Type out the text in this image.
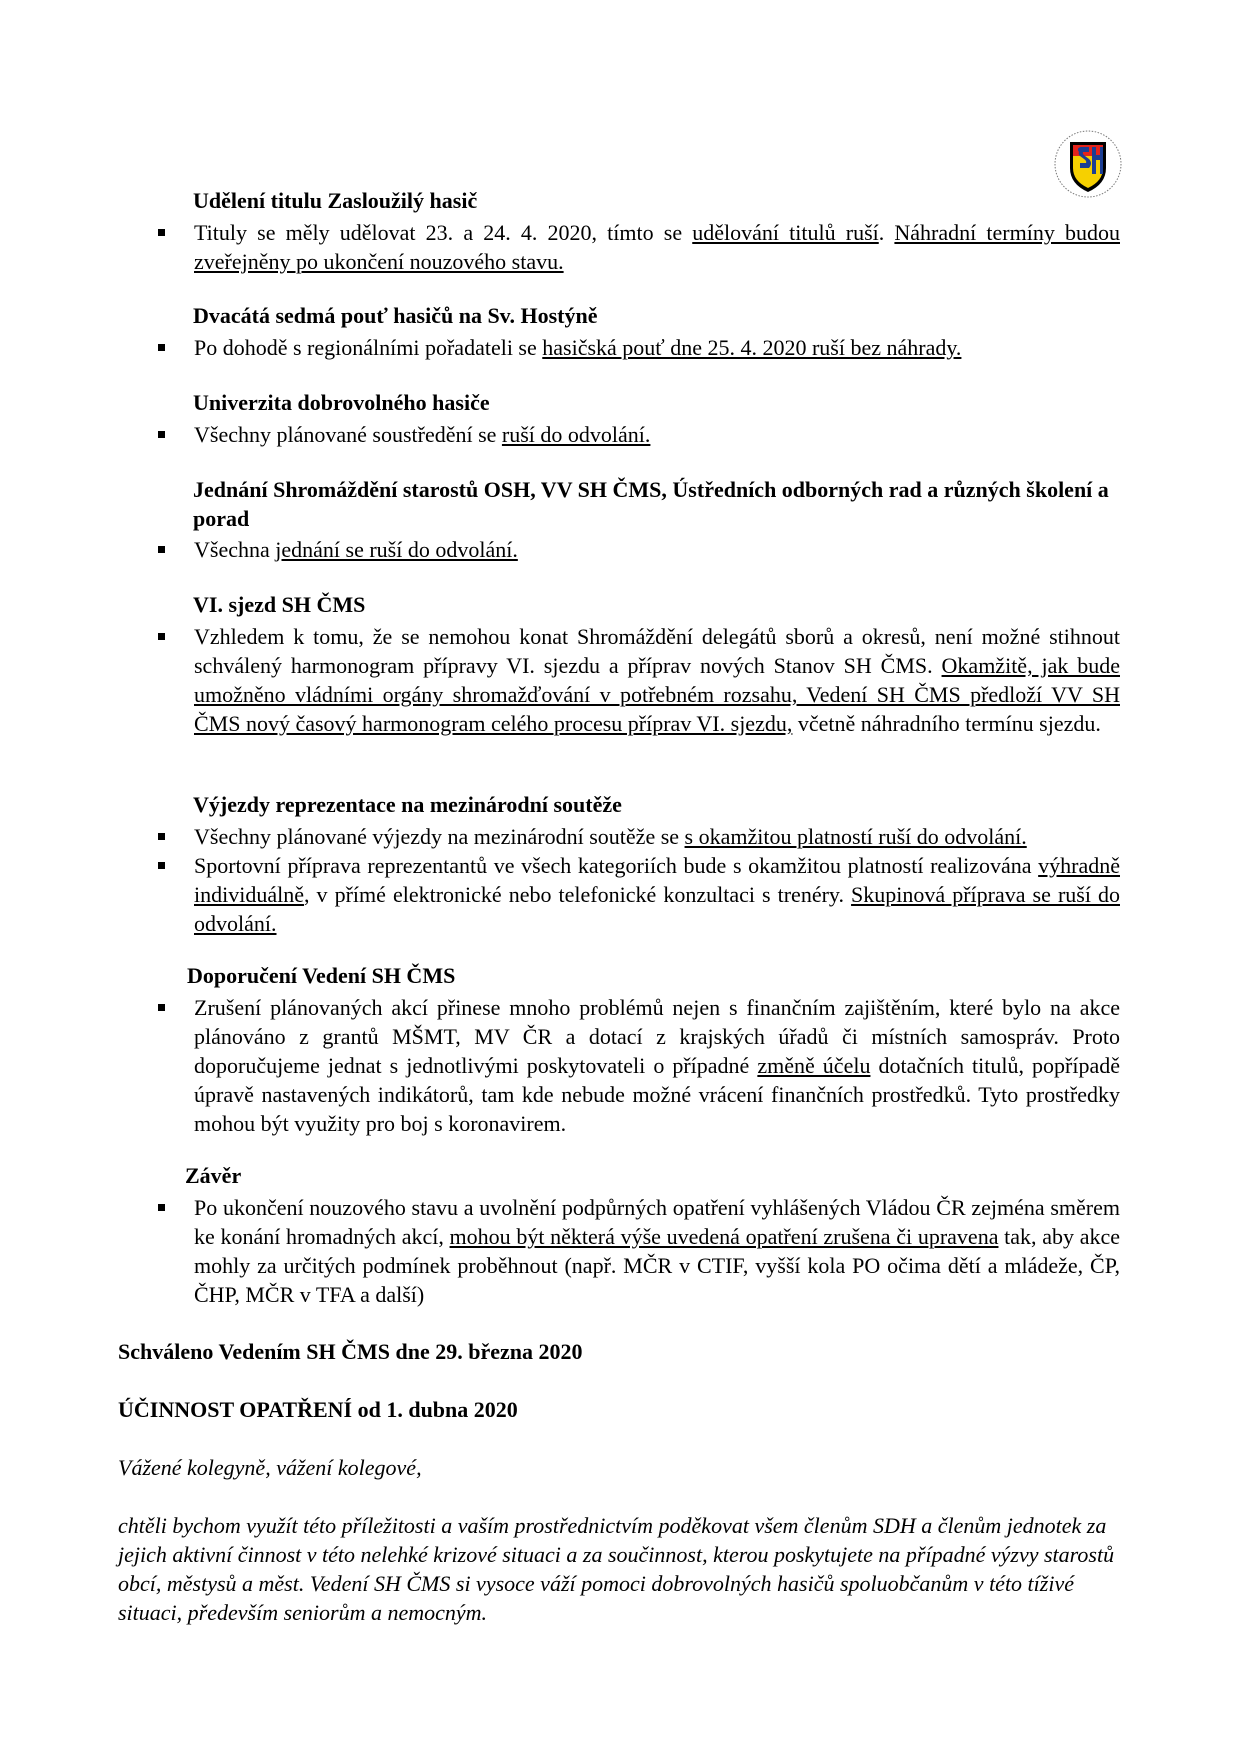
Udělení titulu Zasloužilý hasič
Dvacátá sedmá pouť hasičů na Sv. Hostýně
Univerzita dobrovolného hasiče
Jednání Shromáždění starostů OSH, VV SH ČMS, Ústředních odborných rad a různých školení a porad
VI. sjezd SH ČMS
Výjezdy reprezentace na mezinárodní soutěže
Doporučení Vedení SH ČMS
Závěr
Tituly se měly udělovat 23. a 24. 4. 2020, tímto se udělování titulů ruší. Náhradní termíny budou zveřejněny po ukončení nouzového stavu.
Po dohodě s regionálními pořadateli se hasičská pouť dne 25. 4. 2020 ruší bez náhrady.
Všechny plánované soustředění se ruší do odvolání.
Všechna jednání se ruší do odvolání.
Vzhledem k tomu, že se nemohou konat Shromáždění delegátů sborů a okresů, není možné stihnout schválený harmonogram přípravy VI. sjezdu a příprav nových Stanov SH ČMS. Okamžitě, jak bude umožněno vládními orgány shromažďování v potřebném rozsahu, Vedení SH ČMS předloží VV SH ČMS nový časový harmonogram celého procesu příprav VI. sjezdu, včetně náhradního termínu sjezdu.
Všechny plánované výjezdy na mezinárodní soutěže se s okamžitou platností ruší do odvolání.
Sportovní příprava reprezentantů ve všech kategoriích bude s okamžitou platností realizována výhradně individuálně, v přímé elektronické nebo telefonické konzultaci s trenéry. Skupinová příprava se ruší do odvolání.
Zrušení plánovaných akcí přinese mnoho problémů nejen s finančním zajištěním, které bylo na akce plánováno z grantů MŠMT, MV ČR a dotací z krajských úřadů či místních samospráv. Proto doporučujeme jednat s jednotlivými poskytovateli o případné změně účelu dotačních titulů, popřípadě úpravě nastavených indikátorů, tam kde nebude možné vrácení finančních prostředků. Tyto prostředky mohou být využity pro boj s koronavirem.
Po ukončení nouzového stavu a uvolnění podpůrných opatření vyhlášených Vládou ČR zejména směrem ke konání hromadných akcí, mohou být některá výše uvedená opatření zrušena či upravena tak, aby akce mohly za určitých podmínek proběhnout (např. MČR v CTIF, vyšší kola PO očima dětí a mládeže, ČP, ČHP, MČR v TFA a další)
Schváleno Vedením SH ČMS dne 29. března 2020
ÚČINNOST OPATŘENÍ od 1. dubna 2020
Vážené kolegyně, vážení kolegové,
chtěli bychom využít této příležitosti a vaším prostřednictvím poděkovat všem členům SDH a členům jednotek za jejich aktivní činnost v této nelehké krizové situaci a za součinnost, kterou poskytujete na případné výzvy starostů obcí, městysů a měst. Vedení SH ČMS si vysoce váží pomoci dobrovolných hasičů spoluobčanům v této tíživé situaci, především seniorům a nemocným.
